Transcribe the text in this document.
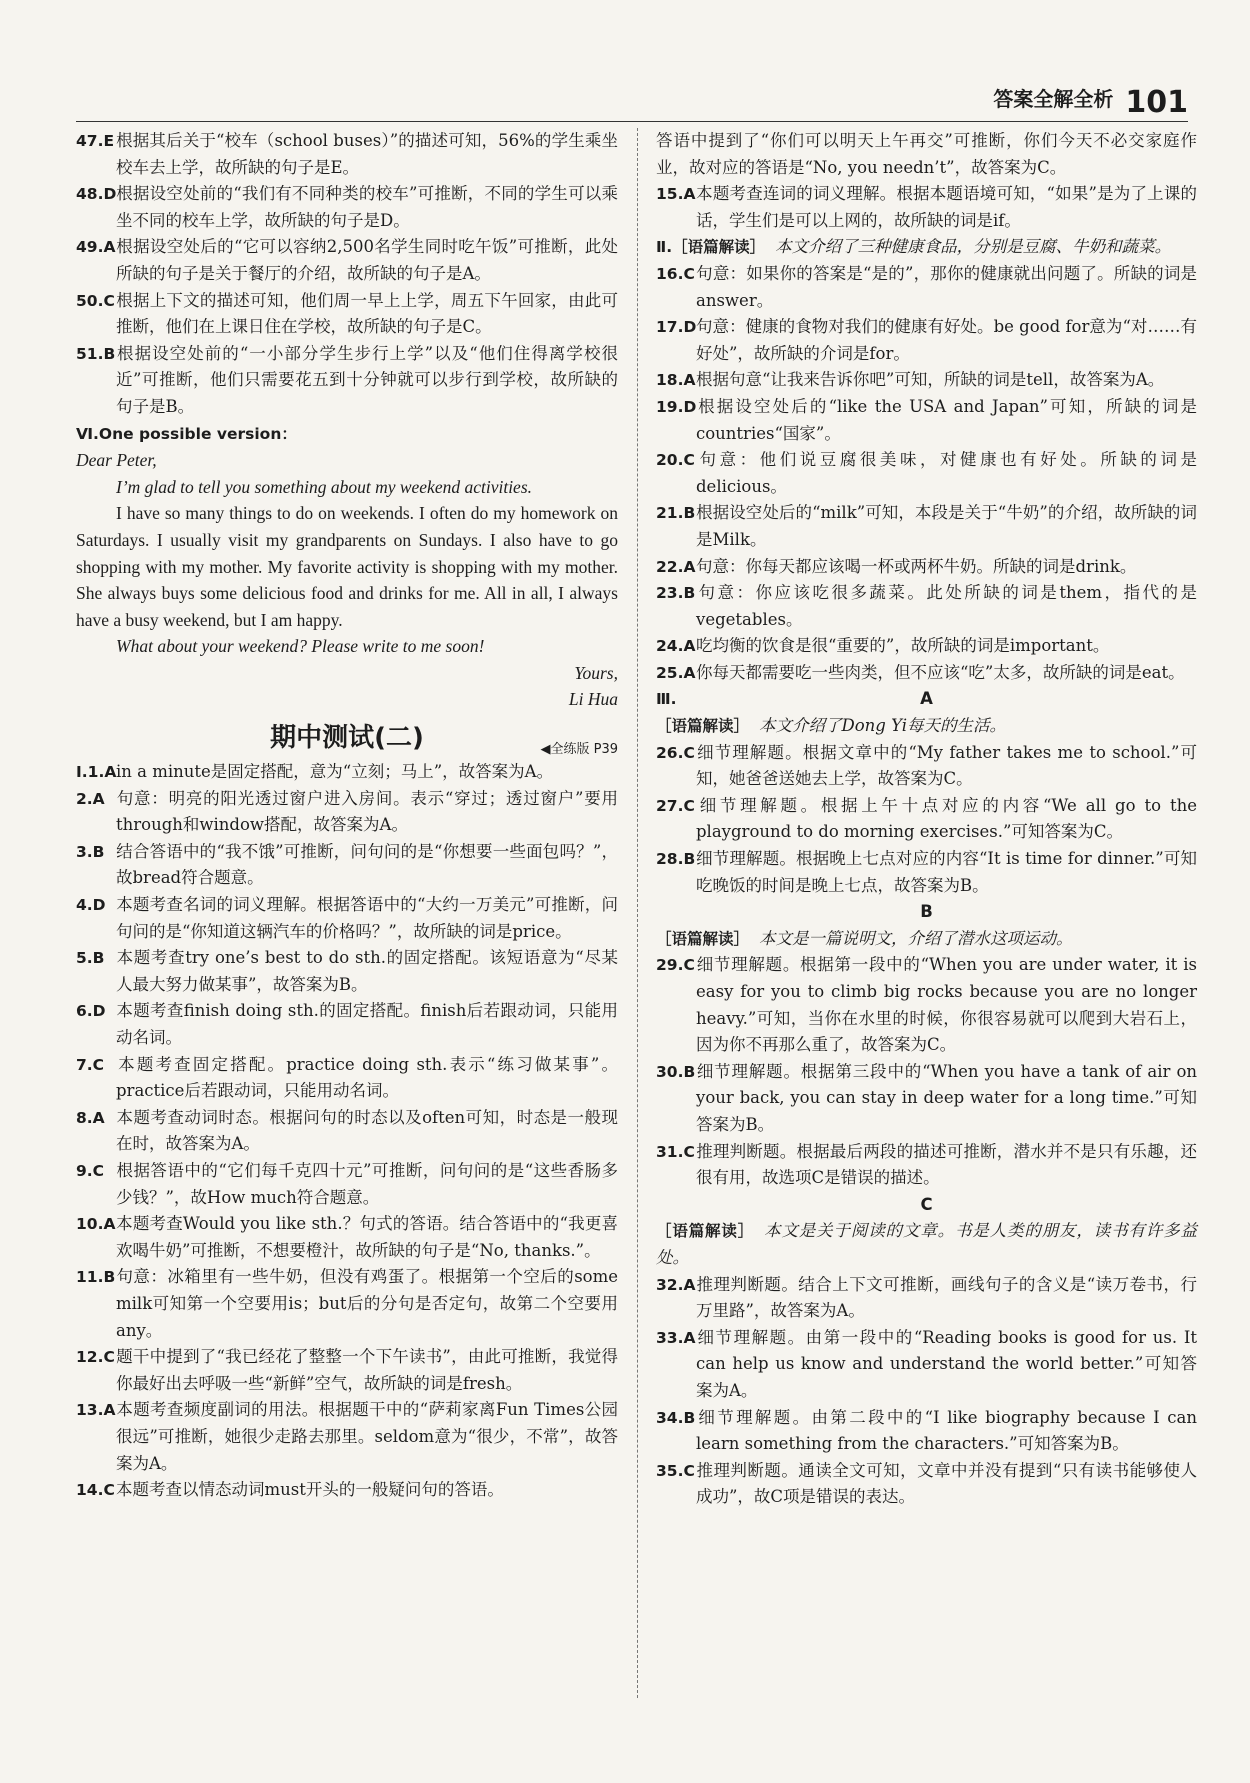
答案全解全析 101
47.E 根据其后关于“校车（school buses）”的描述可知，56%的学生乘坐校车去上学，故所缺的句子是E。
48.D根据设空处前的“我们有不同种类的校车”可推断，不同的学生可以乘坐不同的校车上学，故所缺的句子是D。
49.A根据设空处后的“它可以容纳2,500名学生同时吃午饭”可推断，此处所缺的句子是关于餐厅的介绍，故所缺的句子是A。
50.C根据上下文的描述可知，他们周一早上上学，周五下午回家，由此可推断，他们在上课日住在学校，故所缺的句子是C。
51.B根据设空处前的“一小部分学生步行上学”以及“他们住得离学校很近”可推断，他们只需要花五到十分钟就可以步行到学校，故所缺的句子是B。
Ⅵ.One possible version：
Dear Peter,
I’m glad to tell you something about my weekend activities.
I have so many things to do on weekends. I often do my homework on Saturdays. I usually visit my grandparents on Sundays. I also have to go shopping with my mother. My favorite activity is shopping with my mother. She always buys some delicious food and drinks for me. All in all, I always have a busy weekend, but I am happy.
What about your weekend? Please write to me soon!
Yours,
Li Hua
期中测试(二)	◀全练版 P39
Ⅰ.1.Ain a minute是固定搭配，意为“立刻；马上”，故答案为A。
2.A 句意：明亮的阳光透过窗户进入房间。表示“穿过；透过窗户”要用through和window搭配，故答案为A。
3.B 结合答语中的“我不饿”可推断，问句问的是“你想要一些面包吗？”，故bread符合题意。
4.D 本题考查名词的词义理解。根据答语中的“大约一万美元”可推断，问句问的是“你知道这辆汽车的价格吗？”，故所缺的词是price。
5.B 本题考查try one’s best to do sth.的固定搭配。该短语意为“尽某人最大努力做某事”，故答案为B。
6.D 本题考查finish doing sth.的固定搭配。finish后若跟动词，只能用动名词。
7.C 本题考查固定搭配。practice doing sth.表示“练习做某事”。practice后若跟动词，只能用动名词。
8.A 本题考查动词时态。根据问句的时态以及often可知，时态是一般现在时，故答案为A。
9.C 根据答语中的“它们每千克四十元”可推断，问句问的是“这些香肠多少钱？”，故How much符合题意。
10.A本题考查Would you like sth.？句式的答语。结合答语中的“我更喜欢喝牛奶”可推断，不想要橙汁，故所缺的句子是“No, thanks.”。
11.B句意：冰箱里有一些牛奶，但没有鸡蛋了。根据第一个空后的some milk可知第一个空要用is；but后的分句是否定句，故第二个空要用any。
12.C题干中提到了“我已经花了整整一个下午读书”，由此可推断，我觉得你最好出去呼吸一些“新鲜”空气，故所缺的词是fresh。
13.A本题考查频度副词的用法。根据题干中的“萨莉家离Fun Times公园很远”可推断，她很少走路去那里。seldom意为“很少，不常”，故答案为A。
14.C本题考查以情态动词must开头的一般疑问句的答语。
答语中提到了“你们可以明天上午再交”可推断，你们今天不必交家庭作业，故对应的答语是“No, you needn’t”，故答案为C。
15.A本题考查连词的词义理解。根据本题语境可知，“如果”是为了上课的话，学生们是可以上网的，故所缺的词是if。
Ⅱ.［语篇解读］ 本文介绍了三种健康食品，分别是豆腐、牛奶和蔬菜。
16.C句意：如果你的答案是“是的”，那你的健康就出问题了。所缺的词是answer。
17.D句意：健康的食物对我们的健康有好处。be good for意为“对……有好处”，故所缺的介词是for。
18.A根据句意“让我来告诉你吧”可知，所缺的词是tell，故答案为A。
19.D根据设空处后的“like the USA and Japan”可知，所缺的词是countries“国家”。
20.C句意：他们说豆腐很美味，对健康也有好处。所缺的词是delicious。
21.B根据设空处后的“milk”可知，本段是关于“牛奶”的介绍，故所缺的词是Milk。
22.A句意：你每天都应该喝一杯或两杯牛奶。所缺的词是drink。
23.B句意：你应该吃很多蔬菜。此处所缺的词是them，指代的是vegetables。
24.A吃均衡的饮食是很“重要的”，故所缺的词是important。
25.A你每天都需要吃一些肉类，但不应该“吃”太多，故所缺的词是eat。
Ⅲ.	A
［语篇解读］ 本文介绍了Dong Yi每天的生活。
26.C细节理解题。根据文章中的“My father takes me to school.”可知，她爸爸送她去上学，故答案为C。
27.C细节理解题。根据上午十点对应的内容“We all go to the playground to do morning exercises.”可知答案为C。
28.B细节理解题。根据晚上七点对应的内容“It is time for dinner.”可知吃晚饭的时间是晚上七点，故答案为B。
B
［语篇解读］ 本文是一篇说明文，介绍了潜水这项运动。
29.C细节理解题。根据第一段中的“When you are under water, it is easy for you to climb big rocks because you are no longer heavy.”可知，当你在水里的时候，你很容易就可以爬到大岩石上，因为你不再那么重了，故答案为C。
30.B细节理解题。根据第三段中的“When you have a tank of air on your back, you can stay in deep water for a long time.”可知答案为B。
31.C推理判断题。根据最后两段的描述可推断，潜水并不是只有乐趣，还很有用，故选项C是错误的描述。
C
［语篇解读］ 本文是关于阅读的文章。书是人类的朋友，读书有许多益处。
32.A推理判断题。结合上下文可推断，画线句子的含义是“读万卷书，行万里路”，故答案为A。
33.A细节理解题。由第一段中的“Reading books is good for us. It can help us know and understand the world better.”可知答案为A。
34.B细节理解题。由第二段中的“I like biography because I can learn something from the characters.”可知答案为B。
35.C推理判断题。通读全文可知，文章中并没有提到“只有读书能够使人成功”，故C项是错误的表达。
